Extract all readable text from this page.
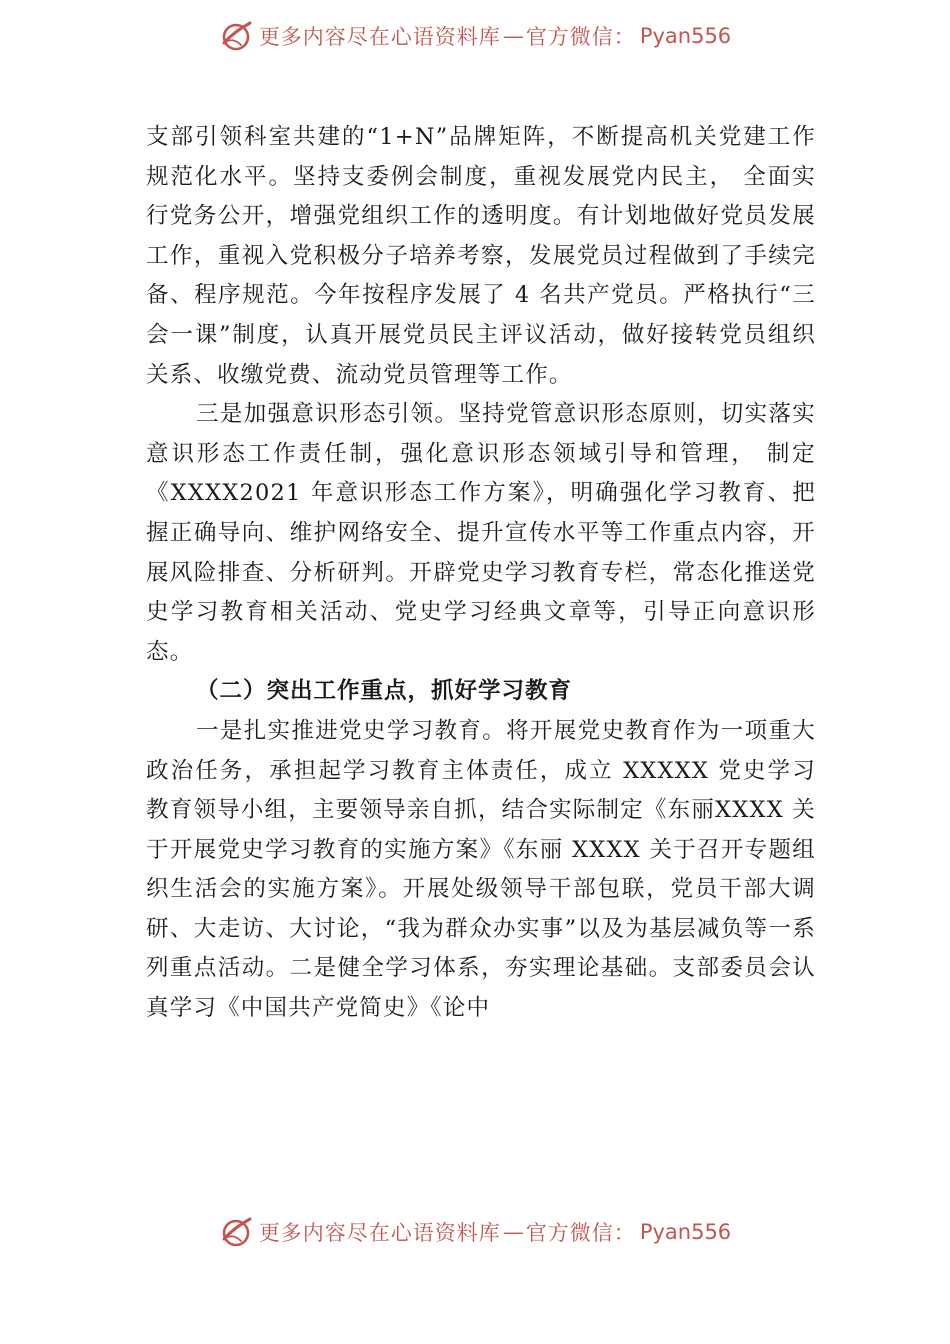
更多内容尽在心语资料库 — 官方微信： Pyan556

支部引领科室共建的“1+N”品牌矩阵，不断提高机关党建工作规范化水平。坚持支委例会制度，重视发展党内民主， 全面实行党务公开，增强党组织工作的透明度。有计划地做好党员发展工作，重视入党积极分子培养考察，发展党员过程做到了手续完备、程序规范。今年按程序发展了 4 名共产党员。严格执行“三会一课”制度，认真开展党员民主评议活动，做好接转党员组织关系、收缴党费、流动党员管理等工作。

三是加强意识形态引领。坚持党管意识形态原则，切实落实意识形态工作责任制，强化意识形态领域引导和管理， 制定《XXXX2021 年意识形态工作方案》，明确强化学习教育、把握正确导向、维护网络安全、提升宣传水平等工作重点内容，开展风险排查、分析研判。开辟党史学习教育专栏，常态化推送党史学习教育相关活动、党史学习经典文章等，引导正向意识形态。

（二）突出工作重点，抓好学习教育

一是扎实推进党史学习教育。将开展党史教育作为一项重大政治任务，承担起学习教育主体责任，成立 XXXXX 党史学习教育领导小组，主要领导亲自抓，结合实际制定《东丽XXXX 关于开展党史学习教育的实施方案》《东丽 XXXX 关于召开专题组织生活会的实施方案》。开展处级领导干部包联，党员干部大调研、大走访、大讨论，“我为群众办实事”以及为基层减负等一系列重点活动。二是健全学习体系，夯实理论基础。支部委员会认真学习《中国共产党简史》《论中

更多内容尽在心语资料库 — 官方微信： Pyan556
